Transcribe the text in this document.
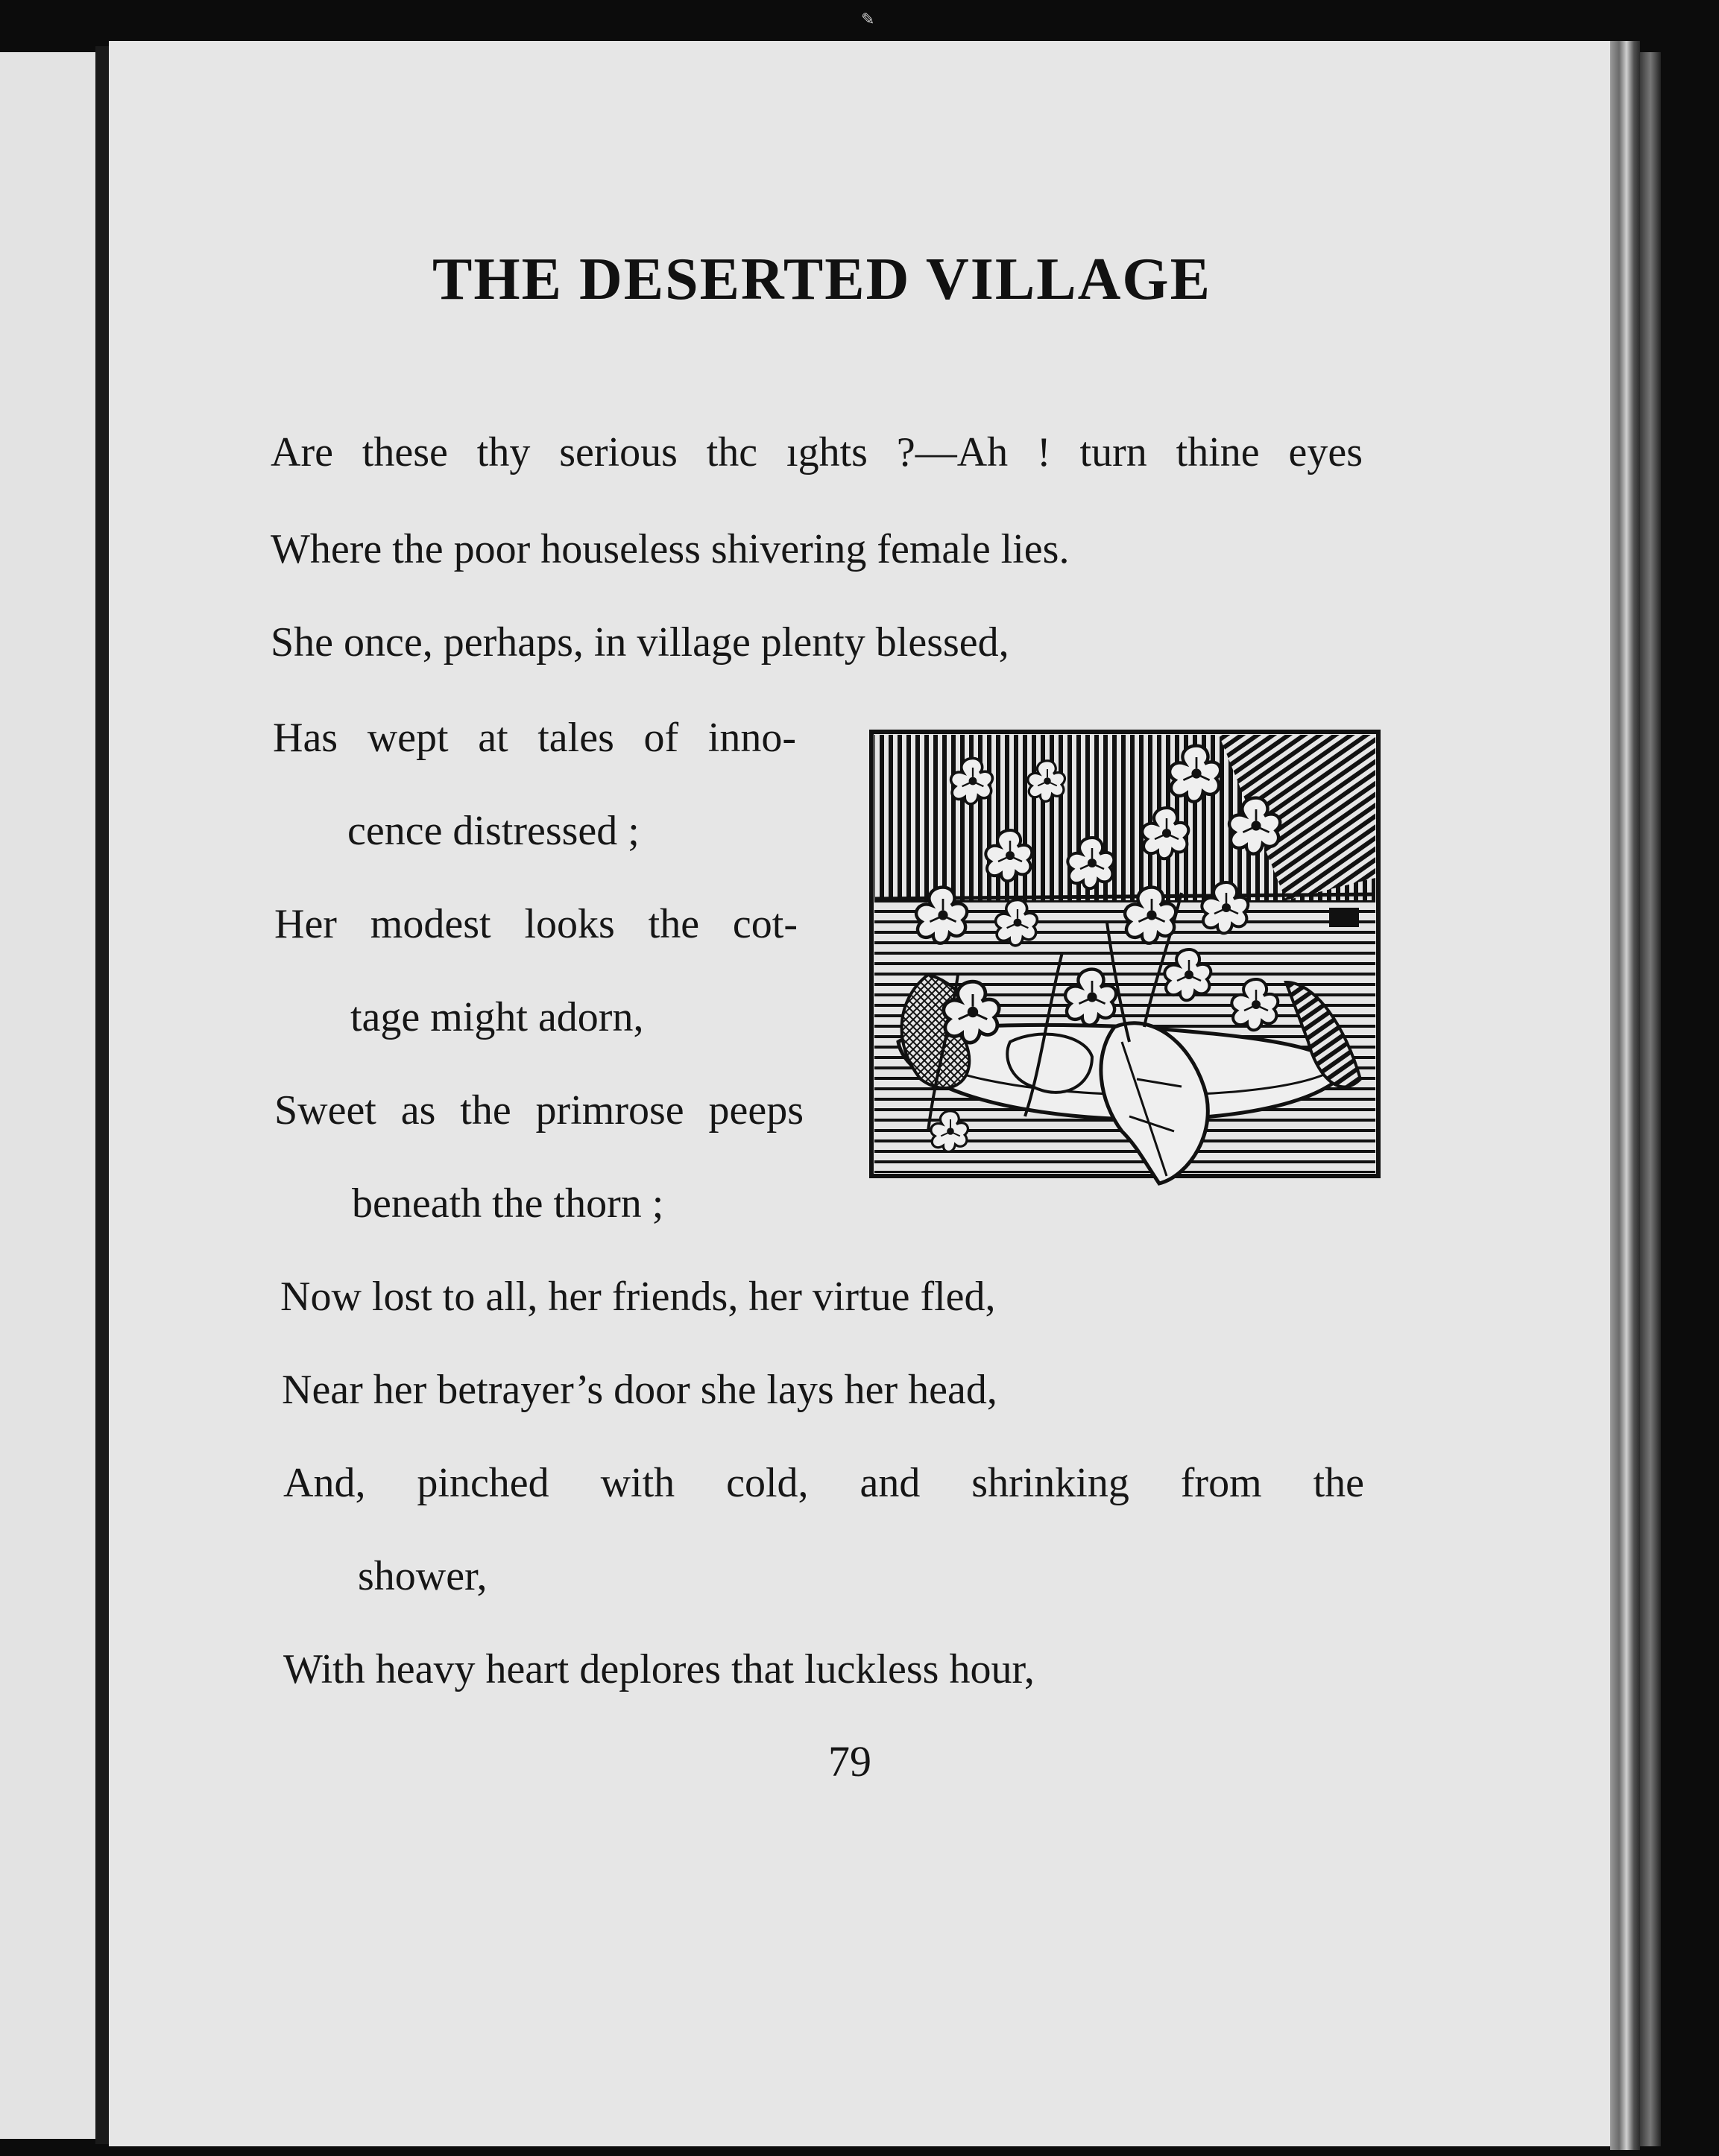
✎
THE DESERTED VILLAGE
Are these thy serious thc ıghts ?—Ah ! turn thine eyes
Where the poor houseless shivering female lies.
She once, perhaps, in village plenty blessed,
Has wept at tales of inno-
cence distressed ;
Her modest looks the cot-
tage might adorn,
Sweet as the primrose peeps
beneath the thorn ;
Now lost to all, her friends, her virtue fled,
Near her betrayer’s door she lays her head,
And, pinched with cold, and shrinking from the
shower,
With heavy heart deplores that luckless hour,
79
